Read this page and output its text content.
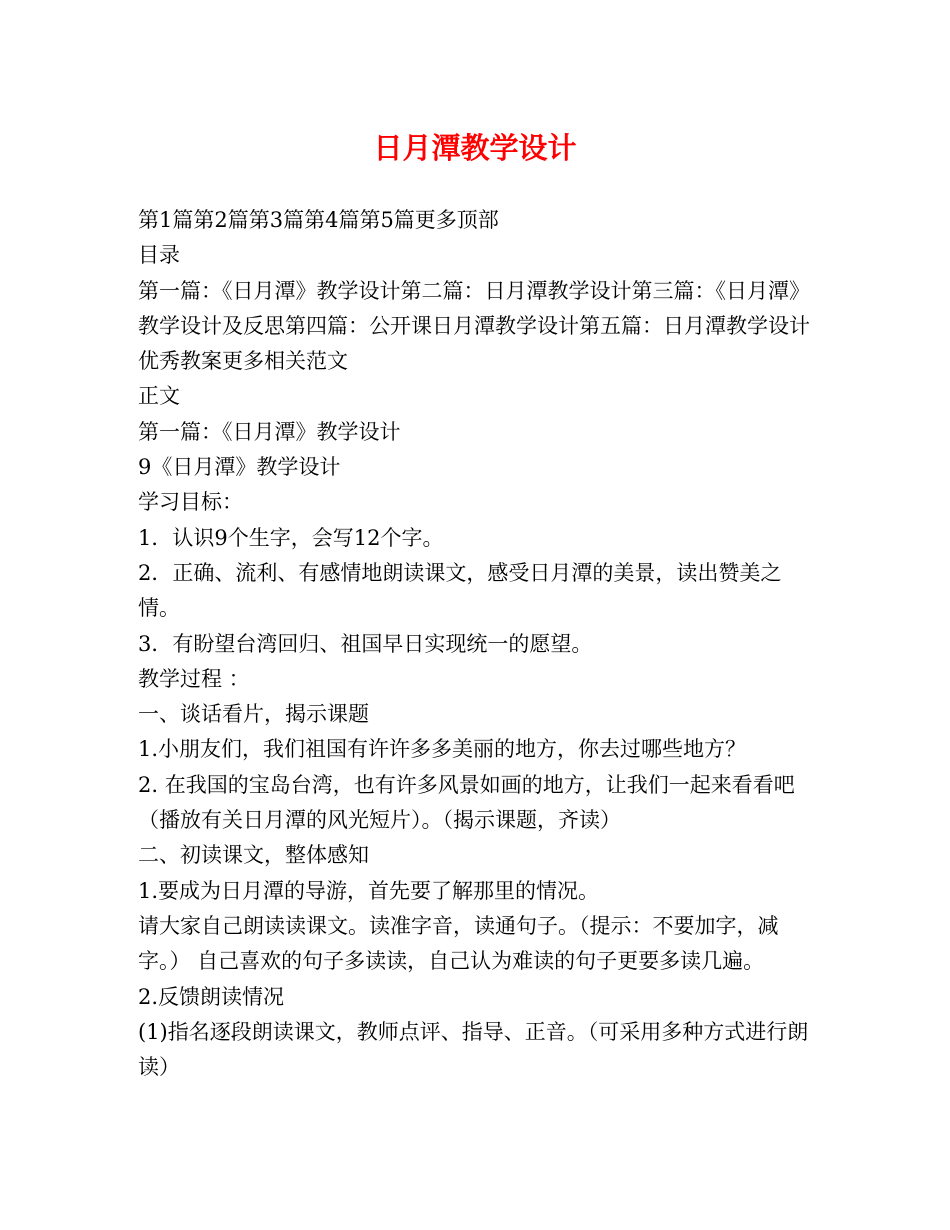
日月潭教学设计

第1篇第2篇第3篇第4篇第5篇更多顶部

目录

第一篇：《日月潭》教学设计第二篇：日月潭教学设计第三篇：《日月潭》教学设计及反思第四篇：公开课日月潭教学设计第五篇：日月潭教学设计优秀教案更多相关范文

正文

第一篇：《日月潭》教学设计

9《日月潭》教学设计

学习目标：

1．认识9个生字，会写12个字。

2．正确、流利、有感情地朗读课文，感受日月潭的美景，读出赞美之情。

3．有盼望台湾回归、祖国早日实现统一的愿望。

教学过程 ：

一、谈话看片，揭示课题

1.小朋友们，我们祖国有许许多多美丽的地方，你去过哪些地方？

2. 在我国的宝岛台湾，也有许多风景如画的地方，让我们一起来看看吧（播放有关日月潭的风光短片）。（揭示课题，齐读）

二、初读课文，整体感知

1.要成为日月潭的导游，首先要了解那里的情况。

请大家自己朗读读课文。读准字音，读通句子。（提示：不要加字，减字。） 自己喜欢的句子多读读，自己认为难读的句子更要多读几遍。

2.反馈朗读情况

(1)指名逐段朗读课文，教师点评、指导、正音。（可采用多种方式进行朗读）
